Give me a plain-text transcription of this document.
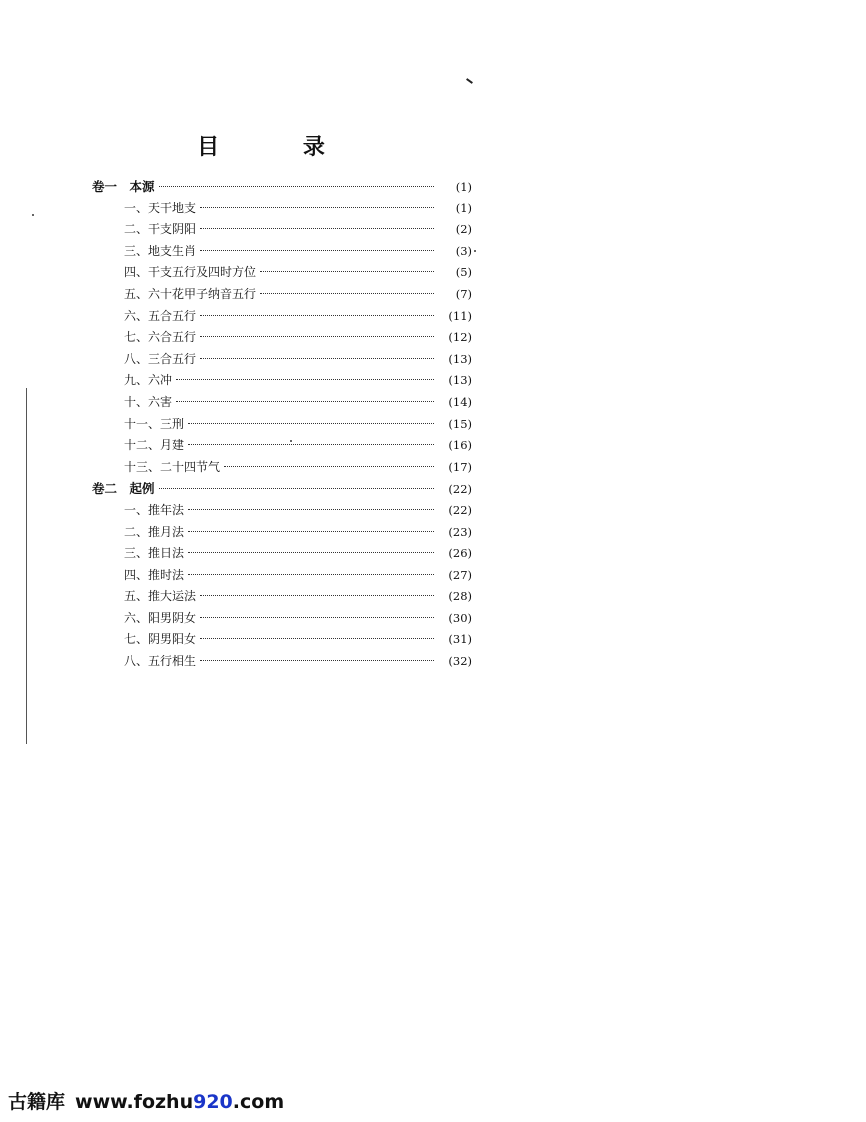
目 录
卷一　本源	(1)
一、天干地支	(1)
二、干支阴阳	(2)
三、地支生肖	(3)
四、干支五行及四时方位	(5)
五、六十花甲子纳音五行	(7)
六、五合五行	(11)
七、六合五行	(12)
八、三合五行	(13)
九、六冲	(13)
十、六害	(14)
十一、三刑	(15)
十二、月建	(16)
十三、二十四节气	(17)
卷二　起例	(22)
一、推年法	(22)
二、推月法	(23)
三、推日法	(26)
四、推时法	(27)
五、推大运法	(28)
六、阳男阴女	(30)
七、阴男阳女	(31)
八、五行相生	(32)
古籍库 www.fozhu920.com
